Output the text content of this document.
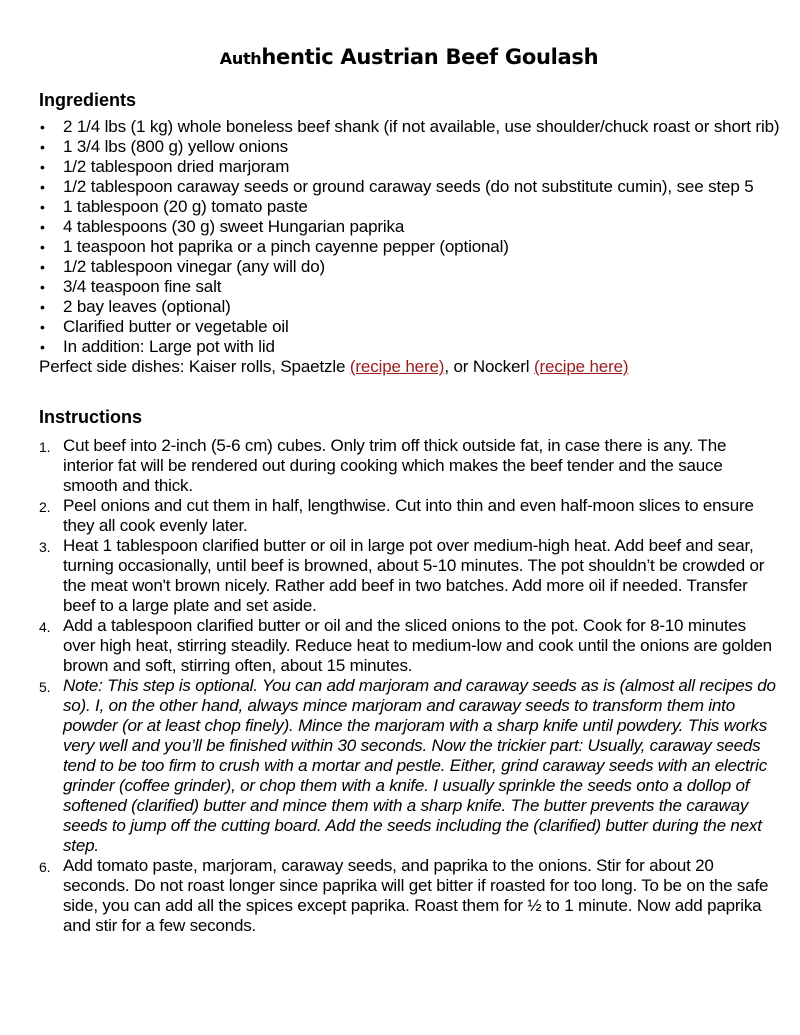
Authhentic Austrian Beef Goulash
Ingredients
• 2 1/4 lbs (1 kg) whole boneless beef shank (if not available, use shoulder/chuck roast or short rib)
• 1 3/4 lbs (800 g) yellow onions
• 1/2 tablespoon dried marjoram
• 1/2 tablespoon caraway seeds or ground caraway seeds (do not substitute cumin), see step 5
• 1 tablespoon (20 g) tomato paste
• 4 tablespoons (30 g) sweet Hungarian paprika
• 1 teaspoon hot paprika or a pinch cayenne pepper (optional)
• 1/2 tablespoon vinegar (any will do)
• 3/4 teaspoon fine salt
• 2 bay leaves (optional)
• Clarified butter or vegetable oil
• In addition: Large pot with lid
Perfect side dishes: Kaiser rolls, Spaetzle (recipe here), or Nockerl (recipe here)
Instructions
1. Cut beef into 2-inch (5-6 cm) cubes. Only trim off thick outside fat, in case there is any. The interior fat will be rendered out during cooking which makes the beef tender and the sauce smooth and thick.
2. Peel onions and cut them in half, lengthwise. Cut into thin and even half-moon slices to ensure they all cook evenly later.
3. Heat 1 tablespoon clarified butter or oil in large pot over medium-high heat. Add beef and sear, turning occasionally, until beef is browned, about 5-10 minutes. The pot shouldn’t be crowded or the meat won't brown nicely. Rather add beef in two batches. Add more oil if needed. Transfer beef to a large plate and set aside.
4. Add a tablespoon clarified butter or oil and the sliced onions to the pot. Cook for 8-10 minutes over high heat, stirring steadily. Reduce heat to medium-low and cook until the onions are golden brown and soft, stirring often, about 15 minutes.
5. Note: This step is optional. You can add marjoram and caraway seeds as is (almost all recipes do so). I, on the other hand, always mince marjoram and caraway seeds to transform them into powder (or at least chop finely). Mince the marjoram with a sharp knife until powdery. This works very well and you’ll be finished within 30 seconds. Now the trickier part: Usually, caraway seeds tend to be too firm to crush with a mortar and pestle. Either, grind caraway seeds with an electric grinder (coffee grinder), or chop them with a knife. I usually sprinkle the seeds onto a dollop of softened (clarified) butter and mince them with a sharp knife. The butter prevents the caraway seeds to jump off the cutting board. Add the seeds including the (clarified) butter during the next step.
6. Add tomato paste, marjoram, caraway seeds, and paprika to the onions. Stir for about 20 seconds. Do not roast longer since paprika will get bitter if roasted for too long. To be on the safe side, you can add all the spices except paprika. Roast them for ½ to 1 minute. Now add paprika and stir for a few seconds.
